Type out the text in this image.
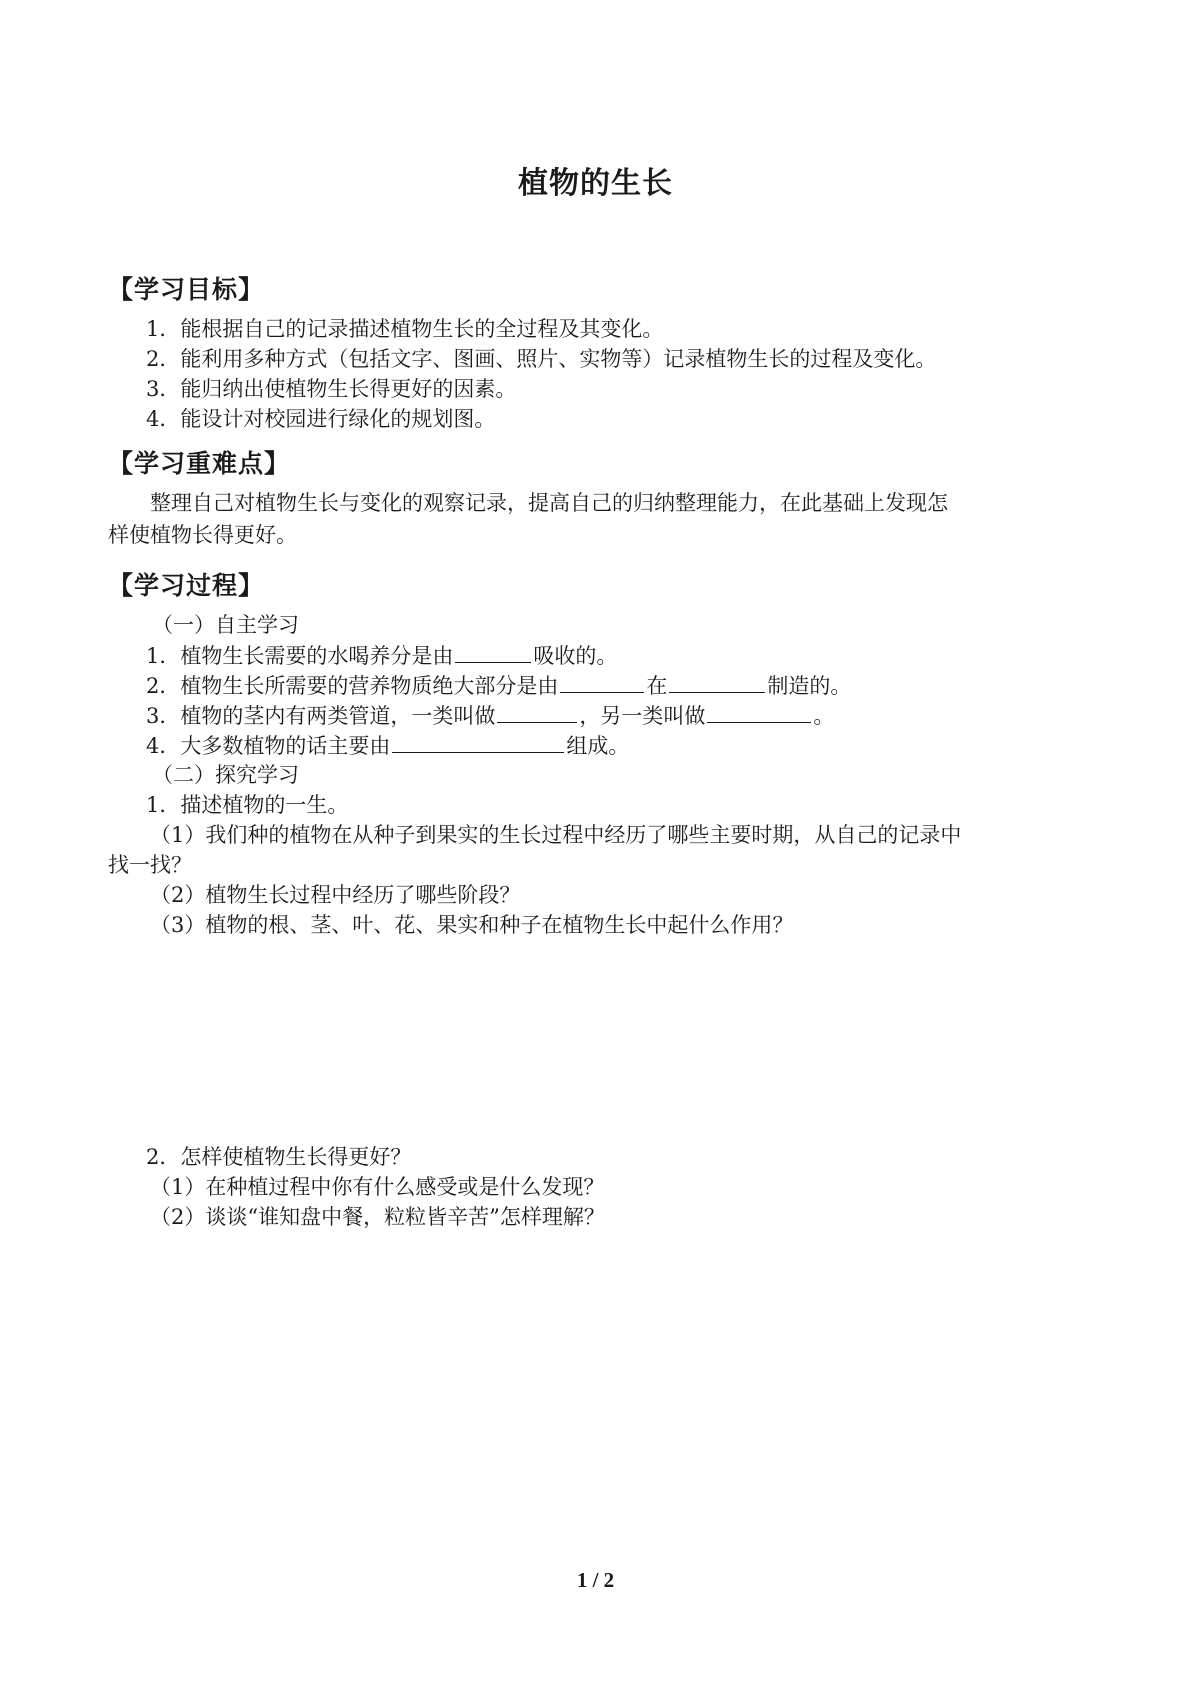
植物的生长
【学习目标】
1．能根据自己的记录描述植物生长的全过程及其变化。
2．能利用多种方式（包括文字、图画、照片、实物等）记录植物生长的过程及变化。
3．能归纳出使植物生长得更好的因素。
4．能设计对校园进行绿化的规划图。
【学习重难点】
整理自己对植物生长与变化的观察记录，提高自己的归纳整理能力，在此基础上发现怎
样使植物长得更好。
【学习过程】
（一）自主学习
1．植物生长需要的水喝养分是由	吸收的。
2．植物生长所需要的营养物质绝大部分是由	在	制造的。
3．植物的茎内有两类管道，一类叫做	，另一类叫做	。
4．大多数植物的话主要由	组成。
（二）探究学习
1．描述植物的一生。
（1）我们种的植物在从种子到果实的生长过程中经历了哪些主要时期，从自己的记录中
找一找？
（2）植物生长过程中经历了哪些阶段？
（3）植物的根、茎、叶、花、果实和种子在植物生长中起什么作用？
2．怎样使植物生长得更好？
（1）在种植过程中你有什么感受或是什么发现？
（2）谈谈“谁知盘中餐，粒粒皆辛苦”怎样理解？
1 / 2
